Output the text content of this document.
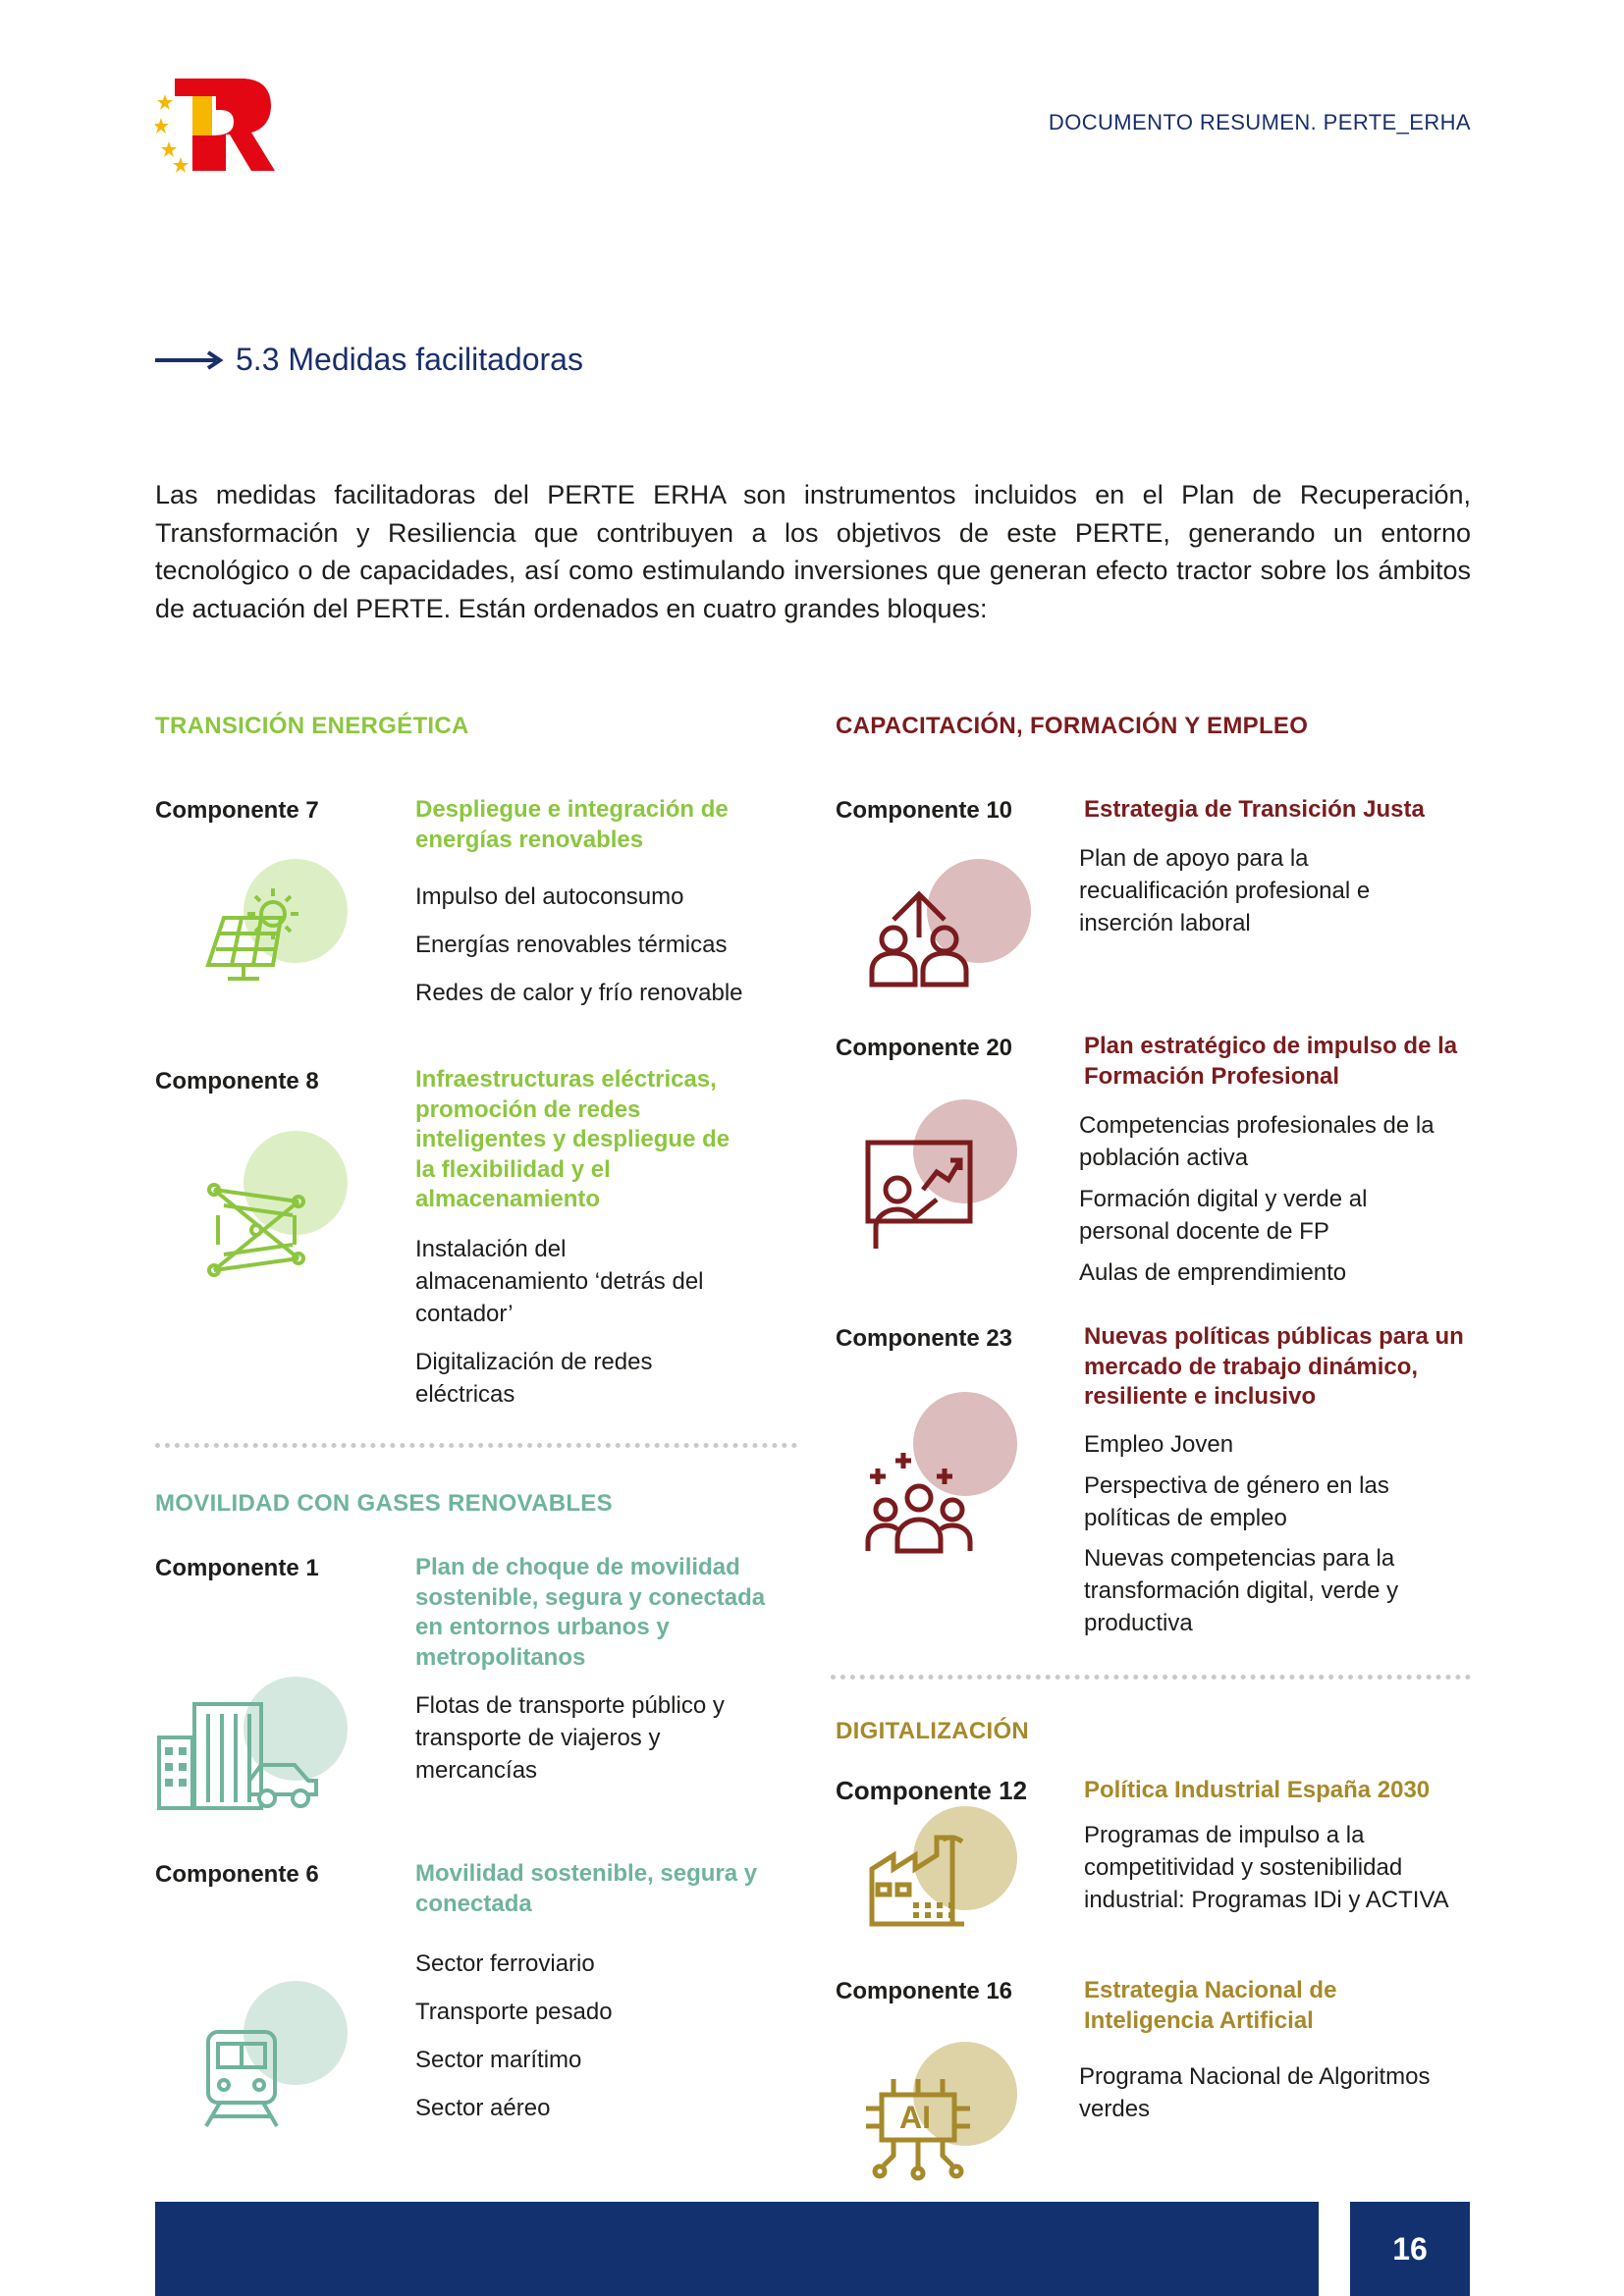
DOCUMENTO RESUMEN. PERTE_ERHA
5.3 Medidas facilitadoras
Las medidas facilitadoras del PERTE ERHA son instrumentos incluidos en el Plan de Recuperación, Transformación y Resiliencia que contribuyen a los objetivos de este PERTE, generando un entorno tecnológico o de capacidades, así como estimulando inversiones que generan efecto tractor sobre los ámbitos de actuación del PERTE. Están ordenados en cuatro grandes bloques:
TRANSICIÓN ENERGÉTICA
Componente 7	Despliegue e integración de energías renovables
Impulso del autoconsumo
Energías renovables térmicas
Redes de calor y frío renovable
Componente 8	Infraestructuras eléctricas, promoción de redes inteligentes y despliegue de la flexibilidad y el almacenamiento
Instalación del almacenamiento ‘detrás del contador’
Digitalización de redes eléctricas
MOVILIDAD CON GASES RENOVABLES
Componente 1	Plan de choque de movilidad sostenible, segura y conectada en entornos urbanos y metropolitanos
Flotas de transporte público y transporte de viajeros y mercancías
Componente 6	Movilidad sostenible, segura y conectada
Sector ferroviario
Transporte pesado
Sector marítimo
Sector aéreo
CAPACITACIÓN, FORMACIÓN Y EMPLEO
Componente 10	Estrategia de Transición Justa
Plan de apoyo para la recualificación profesional e inserción laboral
Componente 20	Plan estratégico de impulso de la Formación Profesional
Competencias profesionales de la población activa
Formación digital y verde al personal docente de FP
Aulas de emprendimiento
Componente 23	Nuevas políticas públicas para un mercado de trabajo dinámico, resiliente e inclusivo
Empleo Joven
Perspectiva de género en las políticas de empleo
Nuevas competencias para la transformación digital, verde y productiva
DIGITALIZACIÓN
Componente 12 Política Industrial España 2030
Programas de impulso a la competitividad y sostenibilidad industrial: Programas IDi y ACTIVA
Componente 16	Estrategia Nacional de Inteligencia Artificial
AI
Programa Nacional de Algoritmos verdes
16
